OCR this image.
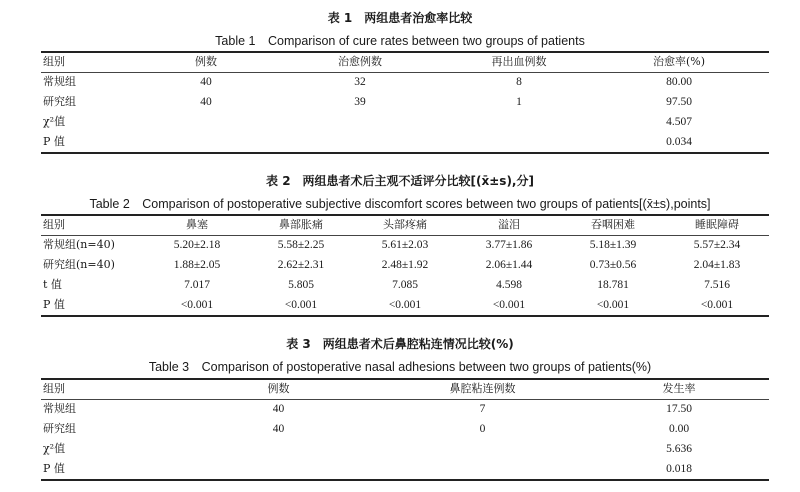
表 1　两组患者治愈率比较
Table 1　Comparison of cure rates between two groups of patients
组别	例数	治愈例数	再出血例数	治愈率(%)
常规组	40	32	8	80.00
研究组	40	39	1	97.50
χ²值				4.507
P 值				0.034
表 2　两组患者术后主观不适评分比较[(x̄±s),分]
Table 2　Comparison of postoperative subjective discomfort scores between two groups of patients[(x̄±s),points]
组别	鼻塞	鼻部胀痛	头部疼痛	溢泪	吞咽困难	睡眠障碍
常规组(n=40)	5.20±2.18	5.58±2.25	5.61±2.03	3.77±1.86	5.18±1.39	5.57±2.34
研究组(n=40)	1.88±2.05	2.62±2.31	2.48±1.92	2.06±1.44	0.73±0.56	2.04±1.83
t 值	7.017	5.805	7.085	4.598	18.781	7.516
P 值	<0.001	<0.001	<0.001	<0.001	<0.001	<0.001
表 3　两组患者术后鼻腔粘连情况比较(%)
Table 3　Comparison of postoperative nasal adhesions between two groups of patients(%)
组别	例数	鼻腔粘连例数	发生率
常规组	40	7	17.50
研究组	40	0	0.00
χ²值			5.636
P 值			0.018
